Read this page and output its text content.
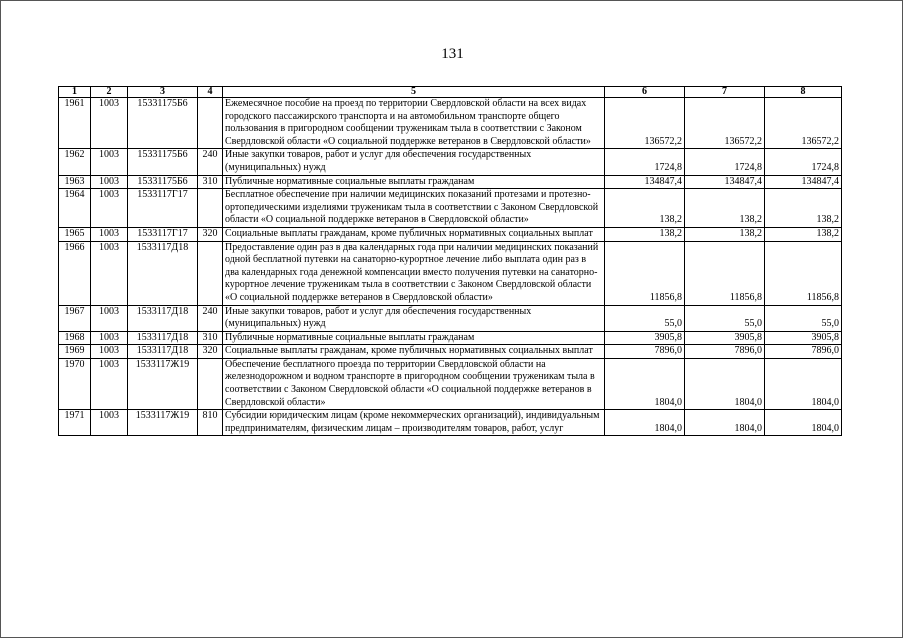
131
1	2	3	4	5	6	7	8
1961	1003	15331175Б6		Ежемесячное пособие на проезд по территории Свердловской области на всех видах городского пассажирского транспорта и на автомобильном транспорте общего пользования в пригородном сообщении труженикам тыла в соответствии с Законом Свердловской области «О социальной поддержке ветеранов в Свердловской области»	136572,2	136572,2	136572,2
1962	1003	15331175Б6	240	Иные закупки товаров, работ и услуг для обеспечения государственных (муниципальных) нужд	1724,8	1724,8	1724,8
1963	1003	15331175Б6	310	Публичные нормативные социальные выплаты гражданам	134847,4	134847,4	134847,4
1964	1003	1533117Г17		Бесплатное обеспечение при наличии медицинских показаний протезами и протезно-ортопедическими изделиями труженикам тыла в соответствии с Законом Свердловской области «О социальной поддержке ветеранов в Свердловской области»	138,2	138,2	138,2
1965	1003	1533117Г17	320	Социальные выплаты гражданам, кроме публичных нормативных социальных выплат	138,2	138,2	138,2
1966	1003	1533117Д18		Предоставление один раз в два календарных года при наличии медицинских показаний одной бесплатной путевки на санаторно-курортное лечение либо выплата один раз в два календарных года денежной компенсации вместо получения путевки на санаторно-курортное лечение труженикам тыла в соответствии с Законом Свердловской области «О социальной поддержке ветеранов в Свердловской области»	11856,8	11856,8	11856,8
1967	1003	1533117Д18	240	Иные закупки товаров, работ и услуг для обеспечения государственных (муниципальных) нужд	55,0	55,0	55,0
1968	1003	1533117Д18	310	Публичные нормативные социальные выплаты гражданам	3905,8	3905,8	3905,8
1969	1003	1533117Д18	320	Социальные выплаты гражданам, кроме публичных нормативных социальных выплат	7896,0	7896,0	7896,0
1970	1003	1533117Ж19		Обеспечение бесплатного проезда по территории Свердловской области на железнодорожном и водном транспорте в пригородном сообщении труженикам тыла в соответствии с Законом Свердловской области «О социальной поддержке ветеранов в Свердловской области»	1804,0	1804,0	1804,0
1971	1003	1533117Ж19	810	Субсидии юридическим лицам (кроме некоммерческих организаций), индивидуальным предпринимателям, физическим лицам – производителям товаров, работ, услуг	1804,0	1804,0	1804,0
